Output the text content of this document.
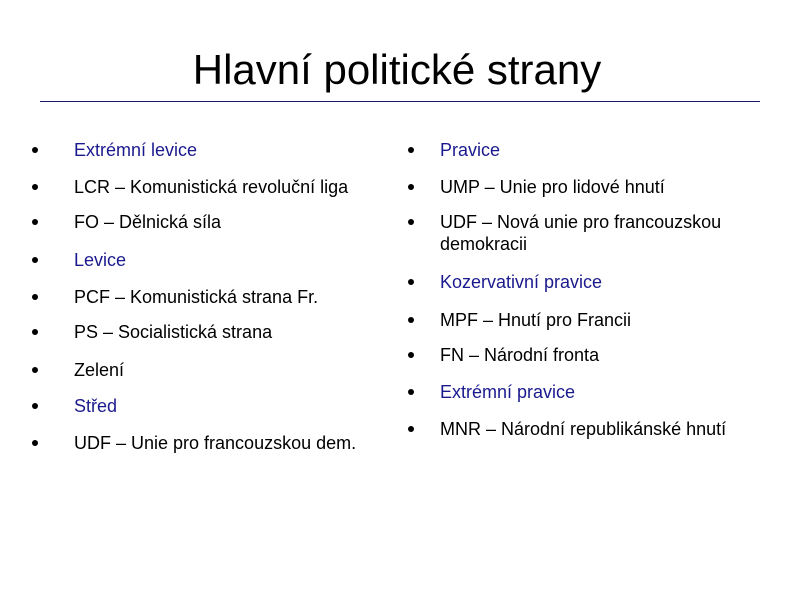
Hlavní politické strany
Extrémní levice
LCR – Komunistická revoluční liga
FO – Dělnická síla
Levice
PCF – Komunistická strana Fr.
PS – Socialistická strana
Zelení
Střed
UDF – Unie pro francouzskou dem.
Pravice
UMP – Unie pro lidové hnutí
UDF – Nová unie pro francouzskou demokracii
Kozervativní pravice
MPF – Hnutí pro Francii
FN – Národní fronta
Extrémní pravice
MNR – Národní republikánské hnutí
